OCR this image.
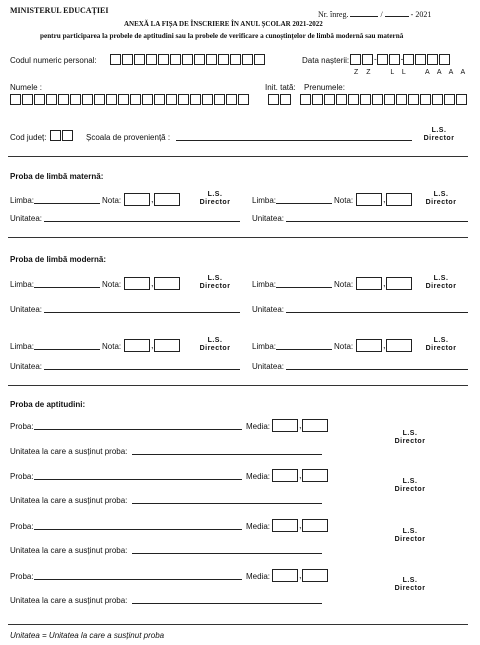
MINISTERUL EDUCAȚIEI	Nr. înreg.	/	- 2021
ANEXĂ LA FIȘA DE ÎNSCRIERE ÎN ANUL ȘCOLAR 2021-2022
pentru participarea la probele de aptitudini sau la probele de verificare a cunoștințelor de limbă modernă sau maternă
Codul numeric personal:	Data nașterii:	-	-
Z Z   L L   A A A A
Numele :	Init. tată: Prenumele:
Cod județ:	Școala de proveniență :
L.S.
Director
Proba de limbă maternă:
Limba:	Nota:	,	L.S.
Director	Limba:	Nota:	,	L.S.
Director
Unitatea:	Unitatea:
Proba de limbă modernă:
Limba:	Nota:	,	L.S.
Director	Limba:	Nota:	,	L.S.
Director
Unitatea:	Unitatea:
Limba:	Nota:	,	L.S.
Director	Limba:	Nota:	,	L.S.
Director
Unitatea:	Unitatea:
Proba de aptitudini:
Proba:	Media:	,
L.S.
Director
Unitatea la care a susținut proba:
Proba:	Media:	,
L.S.
Director
Unitatea la care a susținut proba:
Proba:	Media:	,
L.S.
Director
Unitatea la care a susținut proba:
Proba:	Media:	,
L.S.
Director
Unitatea la care a susținut proba:
Unitatea = Unitatea la care a susținut proba
